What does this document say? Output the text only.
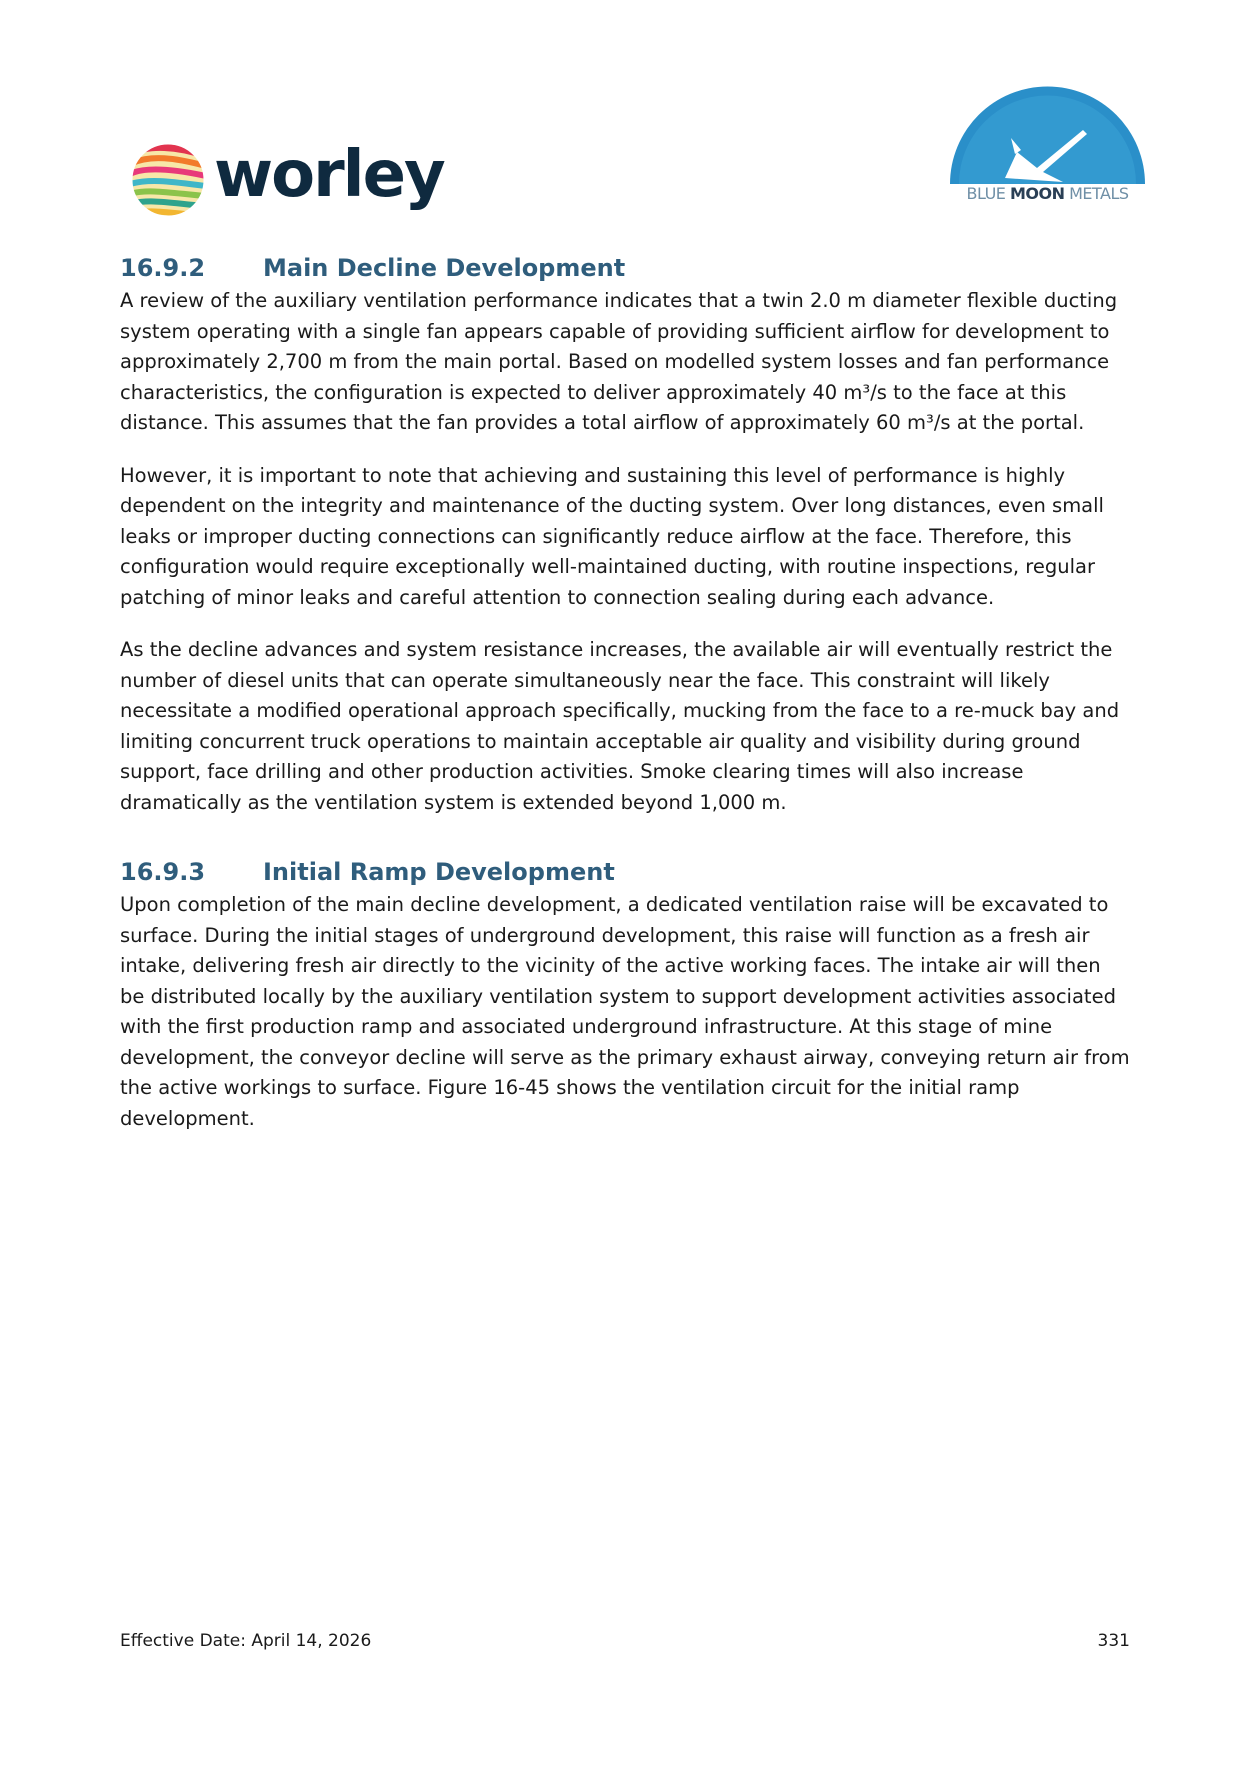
worley	BLUE MOON METALS
16.9.2 Main Decline Development

A review of the auxiliary ventilation performance indicates that a twin 2.0 m diameter flexible ducting system operating with a single fan appears capable of providing sufficient airflow for development to approximately 2,700 m from the main portal. Based on modelled system losses and fan performance characteristics, the configuration is expected to deliver approximately 40 m³/s to the face at this distance. This assumes that the fan provides a total airflow of approximately 60 m³/s at the portal.

However, it is important to note that achieving and sustaining this level of performance is highly dependent on the integrity and maintenance of the ducting system. Over long distances, even small leaks or improper ducting connections can significantly reduce airflow at the face. Therefore, this configuration would require exceptionally well-maintained ducting, with routine inspections, regular patching of minor leaks and careful attention to connection sealing during each advance.

As the decline advances and system resistance increases, the available air will eventually restrict the number of diesel units that can operate simultaneously near the face. This constraint will likely necessitate a modified operational approach specifically, mucking from the face to a re-muck bay and limiting concurrent truck operations to maintain acceptable air quality and visibility during ground support, face drilling and other production activities. Smoke clearing times will also increase dramatically as the ventilation system is extended beyond 1,000 m.

16.9.3 Initial Ramp Development

Upon completion of the main decline development, a dedicated ventilation raise will be excavated to surface. During the initial stages of underground development, this raise will function as a fresh air intake, delivering fresh air directly to the vicinity of the active working faces. The intake air will then be distributed locally by the auxiliary ventilation system to support development activities associated with the first production ramp and associated underground infrastructure. At this stage of mine development, the conveyor decline will serve as the primary exhaust airway, conveying return air from the active workings to surface. Figure 16-45 shows the ventilation circuit for the initial ramp development.

Effective Date: April 14, 2026	331
